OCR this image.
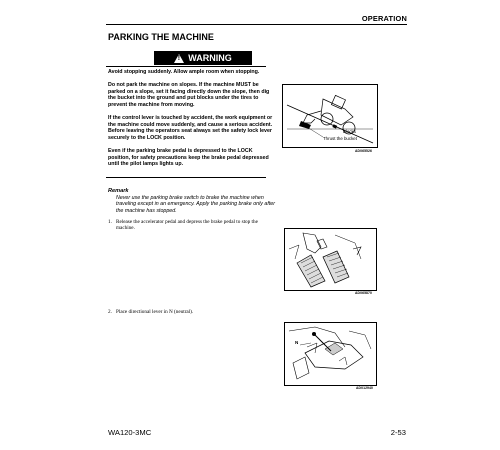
OPERATION
PARKING THE MACHINE
! WARNING
Avoid stopping suddenly. Allow ample room when stopping.
Do not park the machine on slopes. If the machine MUST be parked on a slope, set it facing directly down the slope, then dig the bucket into the ground and put blocks under the tires to prevent the machine from moving.
If the control lever is touched by accident, the work equipment or the machine could move suddenly, and cause a serious accident. Before leaving the operators seat always set the safety lock lever securely to the LOCK position.
Even if the parking brake pedal is depressed to the LOCK position, for safety precautions keep the brake pedal depressed until the pilot lamps lights up.
Blocks
Thrust the bucket
AD065526
Remark
Never use the parking brake switch to brake the machine when traveling except in an emergency. Apply the parking brake only after the machine has stopped.
1. Release the accelerator pedal and depress the brake pedal to stop the machine.
AD065870
2. Place directional lever in N (neutral).
N
AD012940
WA120-3MC	2-53
